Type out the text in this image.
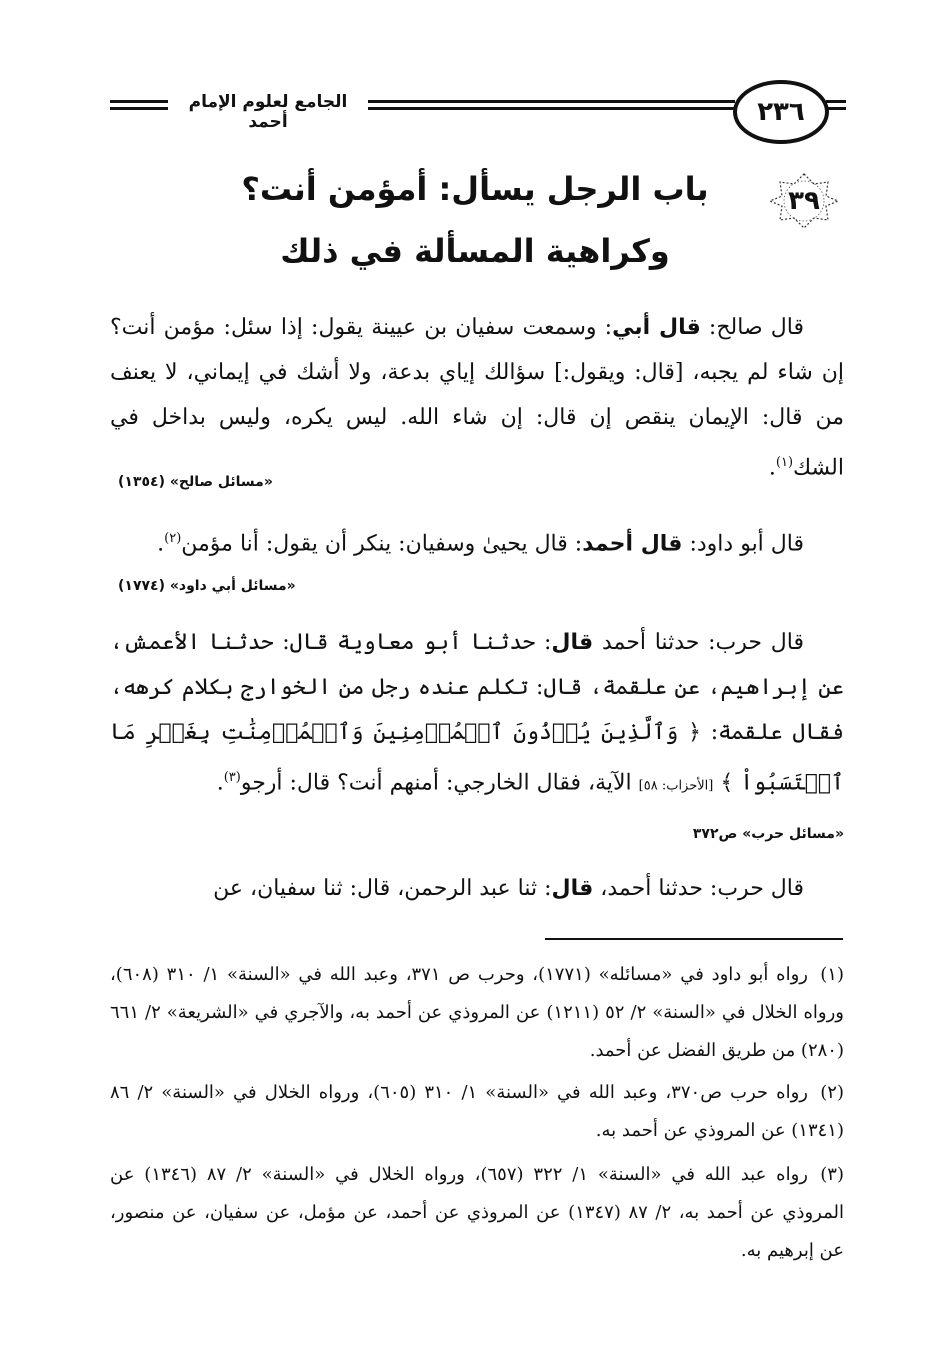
الجامع لعلوم الإمام أحمد	٢٣٦
٣٩
باب الرجل يسأل: أمؤمن أنت؟
وكراهية المسألة في ذلك
قال صالح: قال أبي: وسمعت سفيان بن عيينة يقول: إذا سئل: مؤمن أنت؟ إن شاء لم يجبه، [قال: ويقول:] سؤالك إياي بدعة، ولا أشك في إيماني، لا يعنف من قال: الإيمان ينقص إن قال: إن شاء الله. ليس يكره، وليس بداخل في الشك$^{(١)}$.
«مسائل صالح» (١٣٥٤)
قال أبو داود: قال أحمد: قال يحيىٰ وسفيان: ينكر أن يقول: أنا مؤمن$^{(٢)}$.
«مسائل أبي داود» (١٧٧٤)
قال حرب: حدثنا أحمد قال: حدثنا أبو معاوية قال: حدثنا الأعمش، عن إبراهيم، عن علقمة، قال: تكلم عنده رجل من الخوارج بكلام كرهه، فقال علقمة: ﴿ وَٱلَّذِينَ يُؤۡذُونَ ٱلۡمُؤۡمِنِينَ وَٱلۡمُؤۡمِنَٰتِ بِغَيۡرِ مَا ٱكۡتَسَبُواْ ﴾ [الأحزاب: ٥٨] الآية، فقال الخارجي: أمنهم أنت؟ قال: أرجو$^{(٣)}$.
«مسائل حرب» ص٣٧٢
قال حرب: حدثنا أحمد، قال: ثنا عبد الرحمن، قال: ثنا سفيان، عن
(١)رواه أبو داود في «مسائله» (١٧٧١)، وحرب ص ٣٧١، وعبد الله في «السنة» ١/ ٣١٠ (٦٠٨)، ورواه الخلال في «السنة» ٢/ ٥٢ (١٢١١) عن المروذي عن أحمد به، والآجري في «الشريعة» ٢/ ٦٦١ (٢٨٠) من طريق الفضل عن أحمد.
(٢)رواه حرب ص٣٧٠، وعبد الله في «السنة» ١/ ٣١٠ (٦٠٥)، ورواه الخلال في «السنة» ٢/ ٨٦ (١٣٤١) عن المروذي عن أحمد به.
(٣)رواه عبد الله في «السنة» ١/ ٣٢٢ (٦٥٧)، ورواه الخلال في «السنة» ٢/ ٨٧ (١٣٤٦) عن المروذي عن أحمد به، ٢/ ٨٧ (١٣٤٧) عن المروذي عن أحمد، عن مؤمل، عن سفيان، عن منصور، عن إبرهيم به.
